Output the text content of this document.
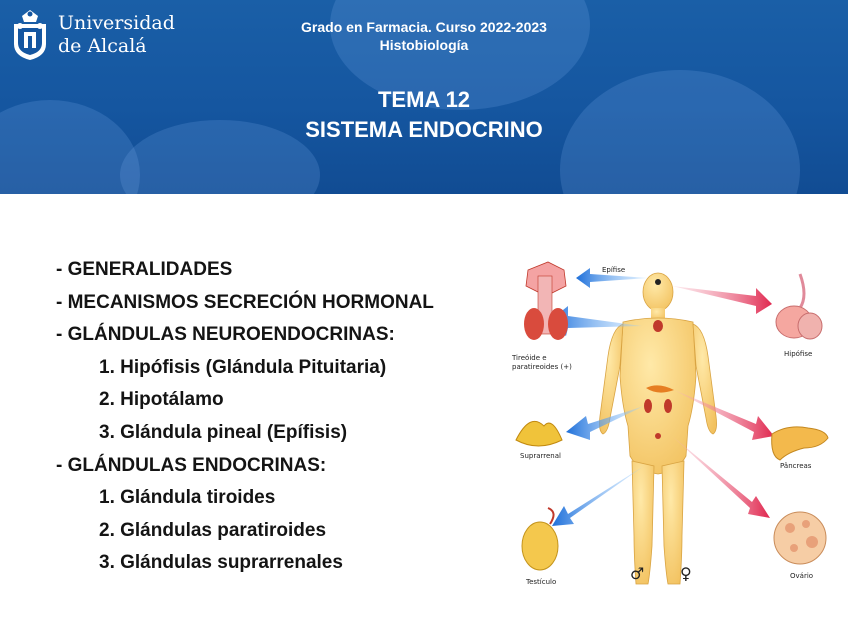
Universidad
de Alcalá
Grado en Farmacia. Curso 2022-2023
Histobiología
TEMA 12
SISTEMA ENDOCRINO
- GENERALIDADES
- MECANISMOS SECRECIÓN HORMONAL
- GLÁNDULAS NEUROENDOCRINAS:
1. Hipófisis (Glándula Pituitaria)
2. Hipotálamo
3. Glándula pineal (Epífisis)
- GLÁNDULAS ENDOCRINAS:
1. Glándula tiroides
2. Glándulas paratiroides
3. Glándulas suprarrenales
Epífise
Tireóide e
paratireoides (+)
Hipófise
Suprarrenal
Pâncreas
Testículo
Ovário
♂ ♀
